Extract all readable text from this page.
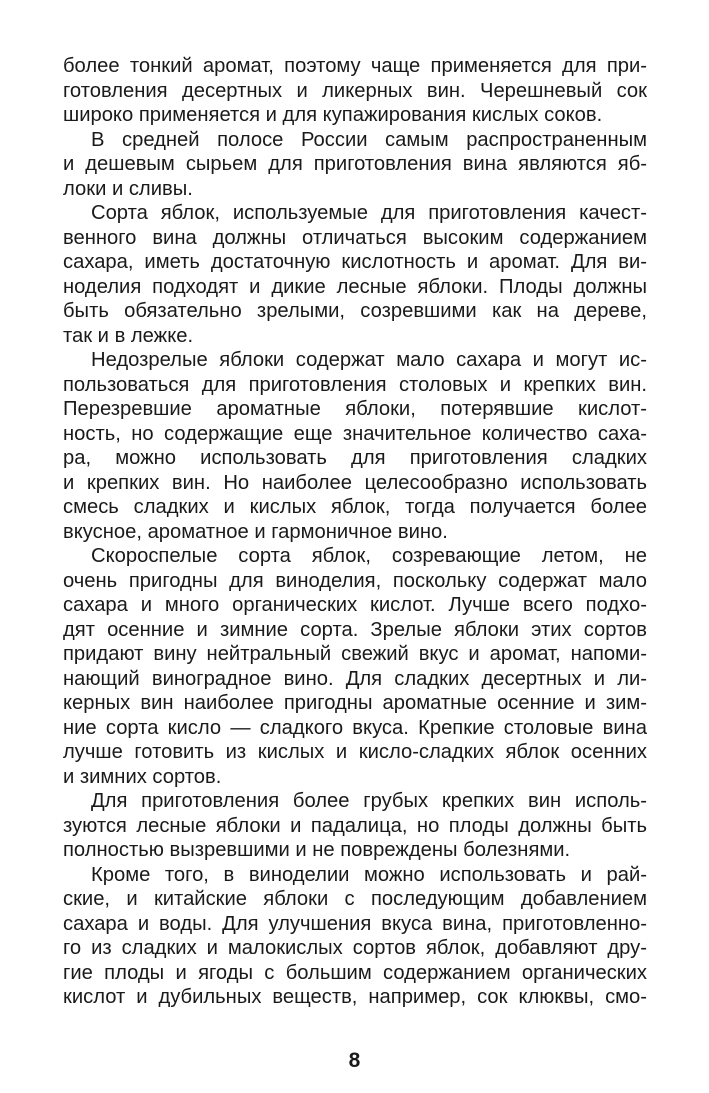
более тонкий аромат, поэтому чаще применяется для при-
готовления десертных и ликерных вин. Черешневый сок
широко применяется и для купажирования кислых соков.
В средней полосе России самым распространенным
и дешевым сырьем для приготовления вина являются яб-
локи и сливы.
Сорта яблок, используемые для приготовления качест-
венного вина должны отличаться высоким содержанием
сахара, иметь достаточную кислотность и аромат. Для ви-
ноделия подходят и дикие лесные яблоки. Плоды должны
быть обязательно зрелыми, созревшими как на дереве,
так и в лежке.
Недозрелые яблоки содержат мало сахара и могут ис-
пользоваться для приготовления столовых и крепких вин.
Перезревшие ароматные яблоки, потерявшие кислот-
ность, но содержащие еще значительное количество саха-
ра, можно использовать для приготовления сладких
и крепких вин. Но наиболее целесообразно использовать
смесь сладких и кислых яблок, тогда получается более
вкусное, ароматное и гармоничное вино.
Скороспелые сорта яблок, созревающие летом, не
очень пригодны для виноделия, поскольку содержат мало
сахара и много органических кислот. Лучше всего подхо-
дят осенние и зимние сорта. Зрелые яблоки этих сортов
придают вину нейтральный свежий вкус и аромат, напоми-
нающий виноградное вино. Для сладких десертных и ли-
керных вин наиболее пригодны ароматные осенние и зим-
ние сорта кисло — сладкого вкуса. Крепкие столовые вина
лучше готовить из кислых и кисло-сладких яблок осенних
и зимних сортов.
Для приготовления более грубых крепких вин исполь-
зуются лесные яблоки и падалица, но плоды должны быть
полностью вызревшими и не повреждены болезнями.
Кроме того, в виноделии можно использовать и рай-
ские, и китайские яблоки с последующим добавлением
сахара и воды. Для улучшения вкуса вина, приготовленно-
го из сладких и малокислых сортов яблок, добавляют дру-
гие плоды и ягоды с большим содержанием органических
кислот и дубильных веществ, например, сок клюквы, смо-
8
